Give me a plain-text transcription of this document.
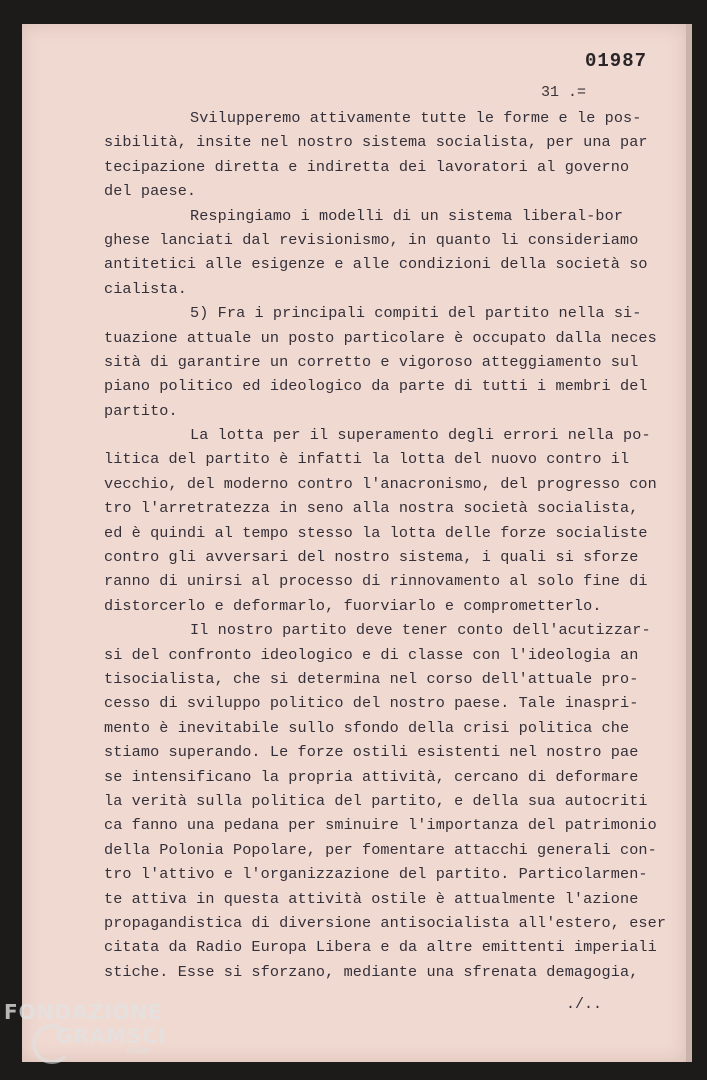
01987
31 .=
Svilupperemo attivamente tutte le forme e le pos-
sibilità, insite nel nostro sistema socialista, per una par
tecipazione diretta e indiretta dei lavoratori al governo
del paese.
Respingiamo i modelli di un sistema liberal-bor
ghese lanciati dal revisionismo, in quanto li consideriamo
antitetici alle esigenze e alle condizioni della società so
cialista.
5) Fra i principali compiti del partito nella si-
tuazione attuale un posto particolare è occupato dalla neces
sità di garantire un corretto e vigoroso atteggiamento sul
piano politico ed ideologico da parte di tutti i membri del
partito.
La lotta per il superamento degli errori nella po-
litica del partito è infatti la lotta del nuovo contro il
vecchio, del moderno contro l'anacronismo, del progresso con
tro l'arretratezza in seno alla nostra società socialista,
ed è quindi al tempo stesso la lotta delle forze socialiste
contro gli avversari del nostro sistema, i quali si sforze
ranno di unirsi al processo di rinnovamento al solo fine di
distorcerlo e deformarlo, fuorviarlo e comprometterlo.
Il nostro partito deve tener conto dell'acutizzar-
si del confronto ideologico e di classe con l'ideologia an
tisocialista, che si determina nel corso dell'attuale pro-
cesso di sviluppo politico del nostro paese. Tale inaspri-
mento è inevitabile sullo sfondo della crisi politica che
stiamo superando. Le forze ostili esistenti nel nostro pae
se intensificano la propria attività, cercano di deformare
la verità sulla politica del partito, e della sua autocriti
ca fanno una pedana per sminuire l'importanza del patrimonio
della Polonia Popolare, per fomentare attacchi generali con-
tro l'attivo e l'organizzazione del partito. Particolarmen-
te attiva in questa attività ostile è attualmente l'azione
propagandistica di diversione antisocialista all'estero, eser
citata da Radio Europa Libera e da altre emittenti imperiali
stiche. Esse si sforzano, mediante una sfrenata demagogia,
./..
FONDAZIONE
GRAMSCI
onlus
